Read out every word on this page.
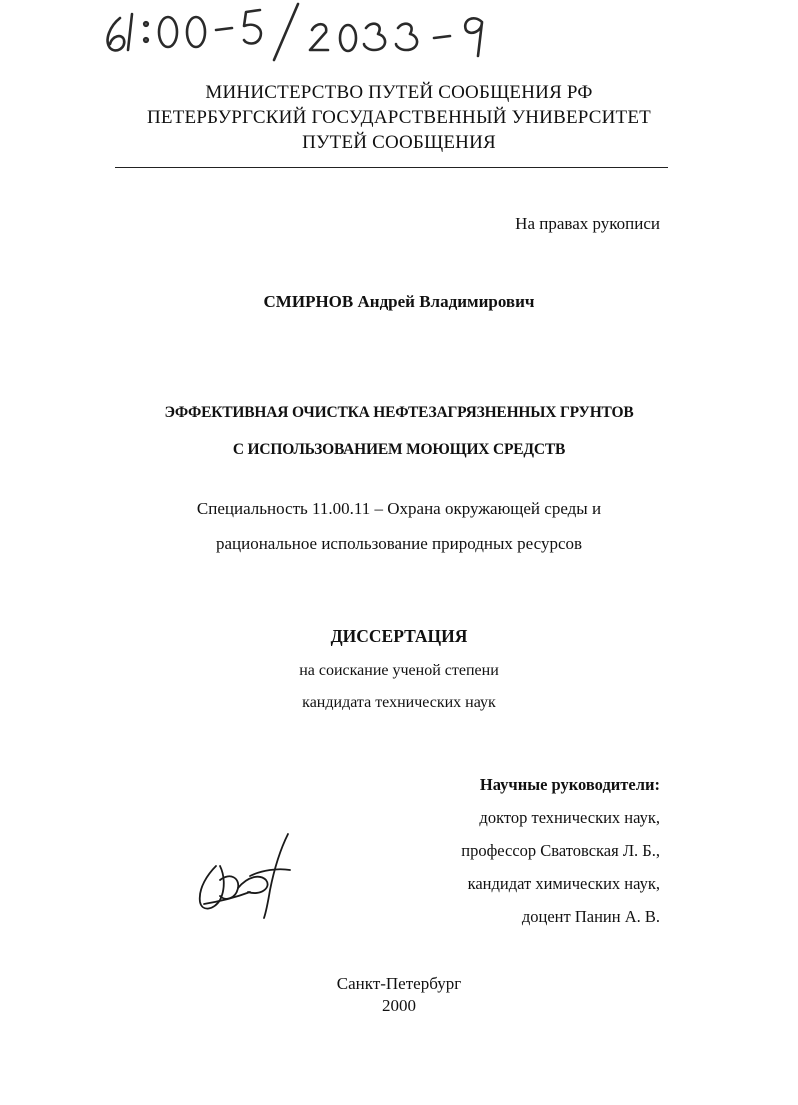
МИНИСТЕРСТВО ПУТЕЙ СООБЩЕНИЯ РФ
ПЕТЕРБУРГСКИЙ ГОСУДАРСТВЕННЫЙ УНИВЕРСИТЕТ
ПУТЕЙ СООБЩЕНИЯ
На правах рукописи
СМИРНОВ Андрей Владимирович
ЭФФЕКТИВНАЯ ОЧИСТКА НЕФТЕЗАГРЯЗНЕННЫХ ГРУНТОВ
С ИСПОЛЬЗОВАНИЕМ МОЮЩИХ СРЕДСТВ
Специальность 11.00.11 – Охрана окружающей среды и
рациональное использование природных ресурсов
ДИССЕРТАЦИЯ
на соискание ученой степени
кандидата технических наук
Научные руководители:
доктор технических наук,
профессор Сватовская Л. Б.,
кандидат химических наук,
доцент Панин А. В.
Санкт-Петербург
2000
